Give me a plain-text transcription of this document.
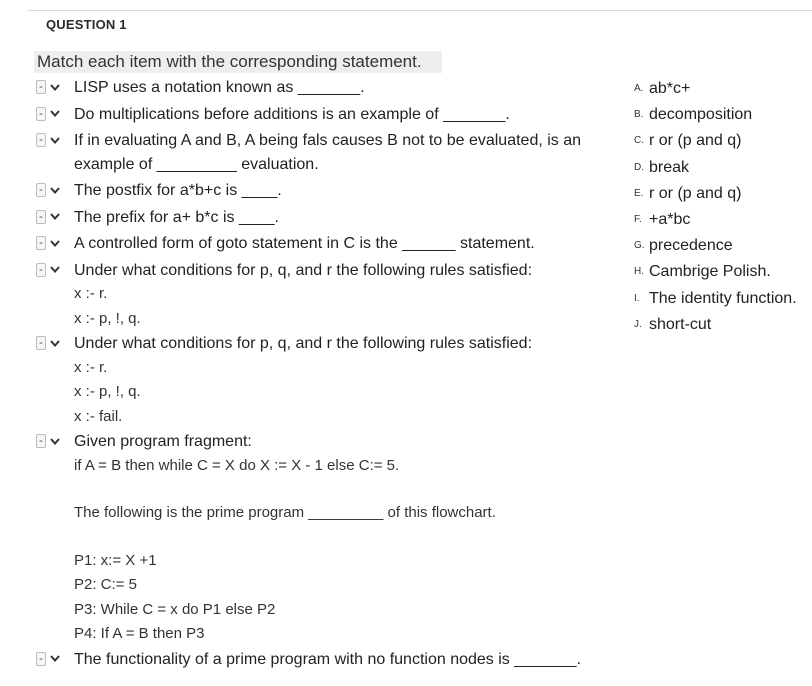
QUESTION 1
Match each item with the corresponding statement.
- LISP uses a notation known as _______.
- Do multiplications before additions is an example of _______.
- If in evaluating A and B, A being fals causes B not to be evaluated, is an example of _________ evaluation.
- The postfix for a*b+c is ____.
- The prefix for a+ b*c is ____.
- A controlled form of goto statement in C is the ______ statement.
- Under what conditions for p, q, and r the following rules satisfied:
x :- r.
x :- p, !, q.
- Under what conditions for p, q, and r the following rules satisfied:
x :- r.
x :- p, !, q.
x :- fail.
- Given program fragment:
if A = B then while C = X do X := X - 1 else C:= 5.
The following is the prime program _________ of this flowchart.
P1: x:= X +1
P2: C:= 5
P3: While C = x do P1 else P2
P4: If A = B then P3
- The functionality of a prime program with no function nodes is _______.
A. ab*c+
B. decomposition
C. r or (p and q)
D. break
E. r or (p and q)
F. +a*bc
G. precedence
H. Cambrige Polish.
I. The identity function.
J. short-cut
